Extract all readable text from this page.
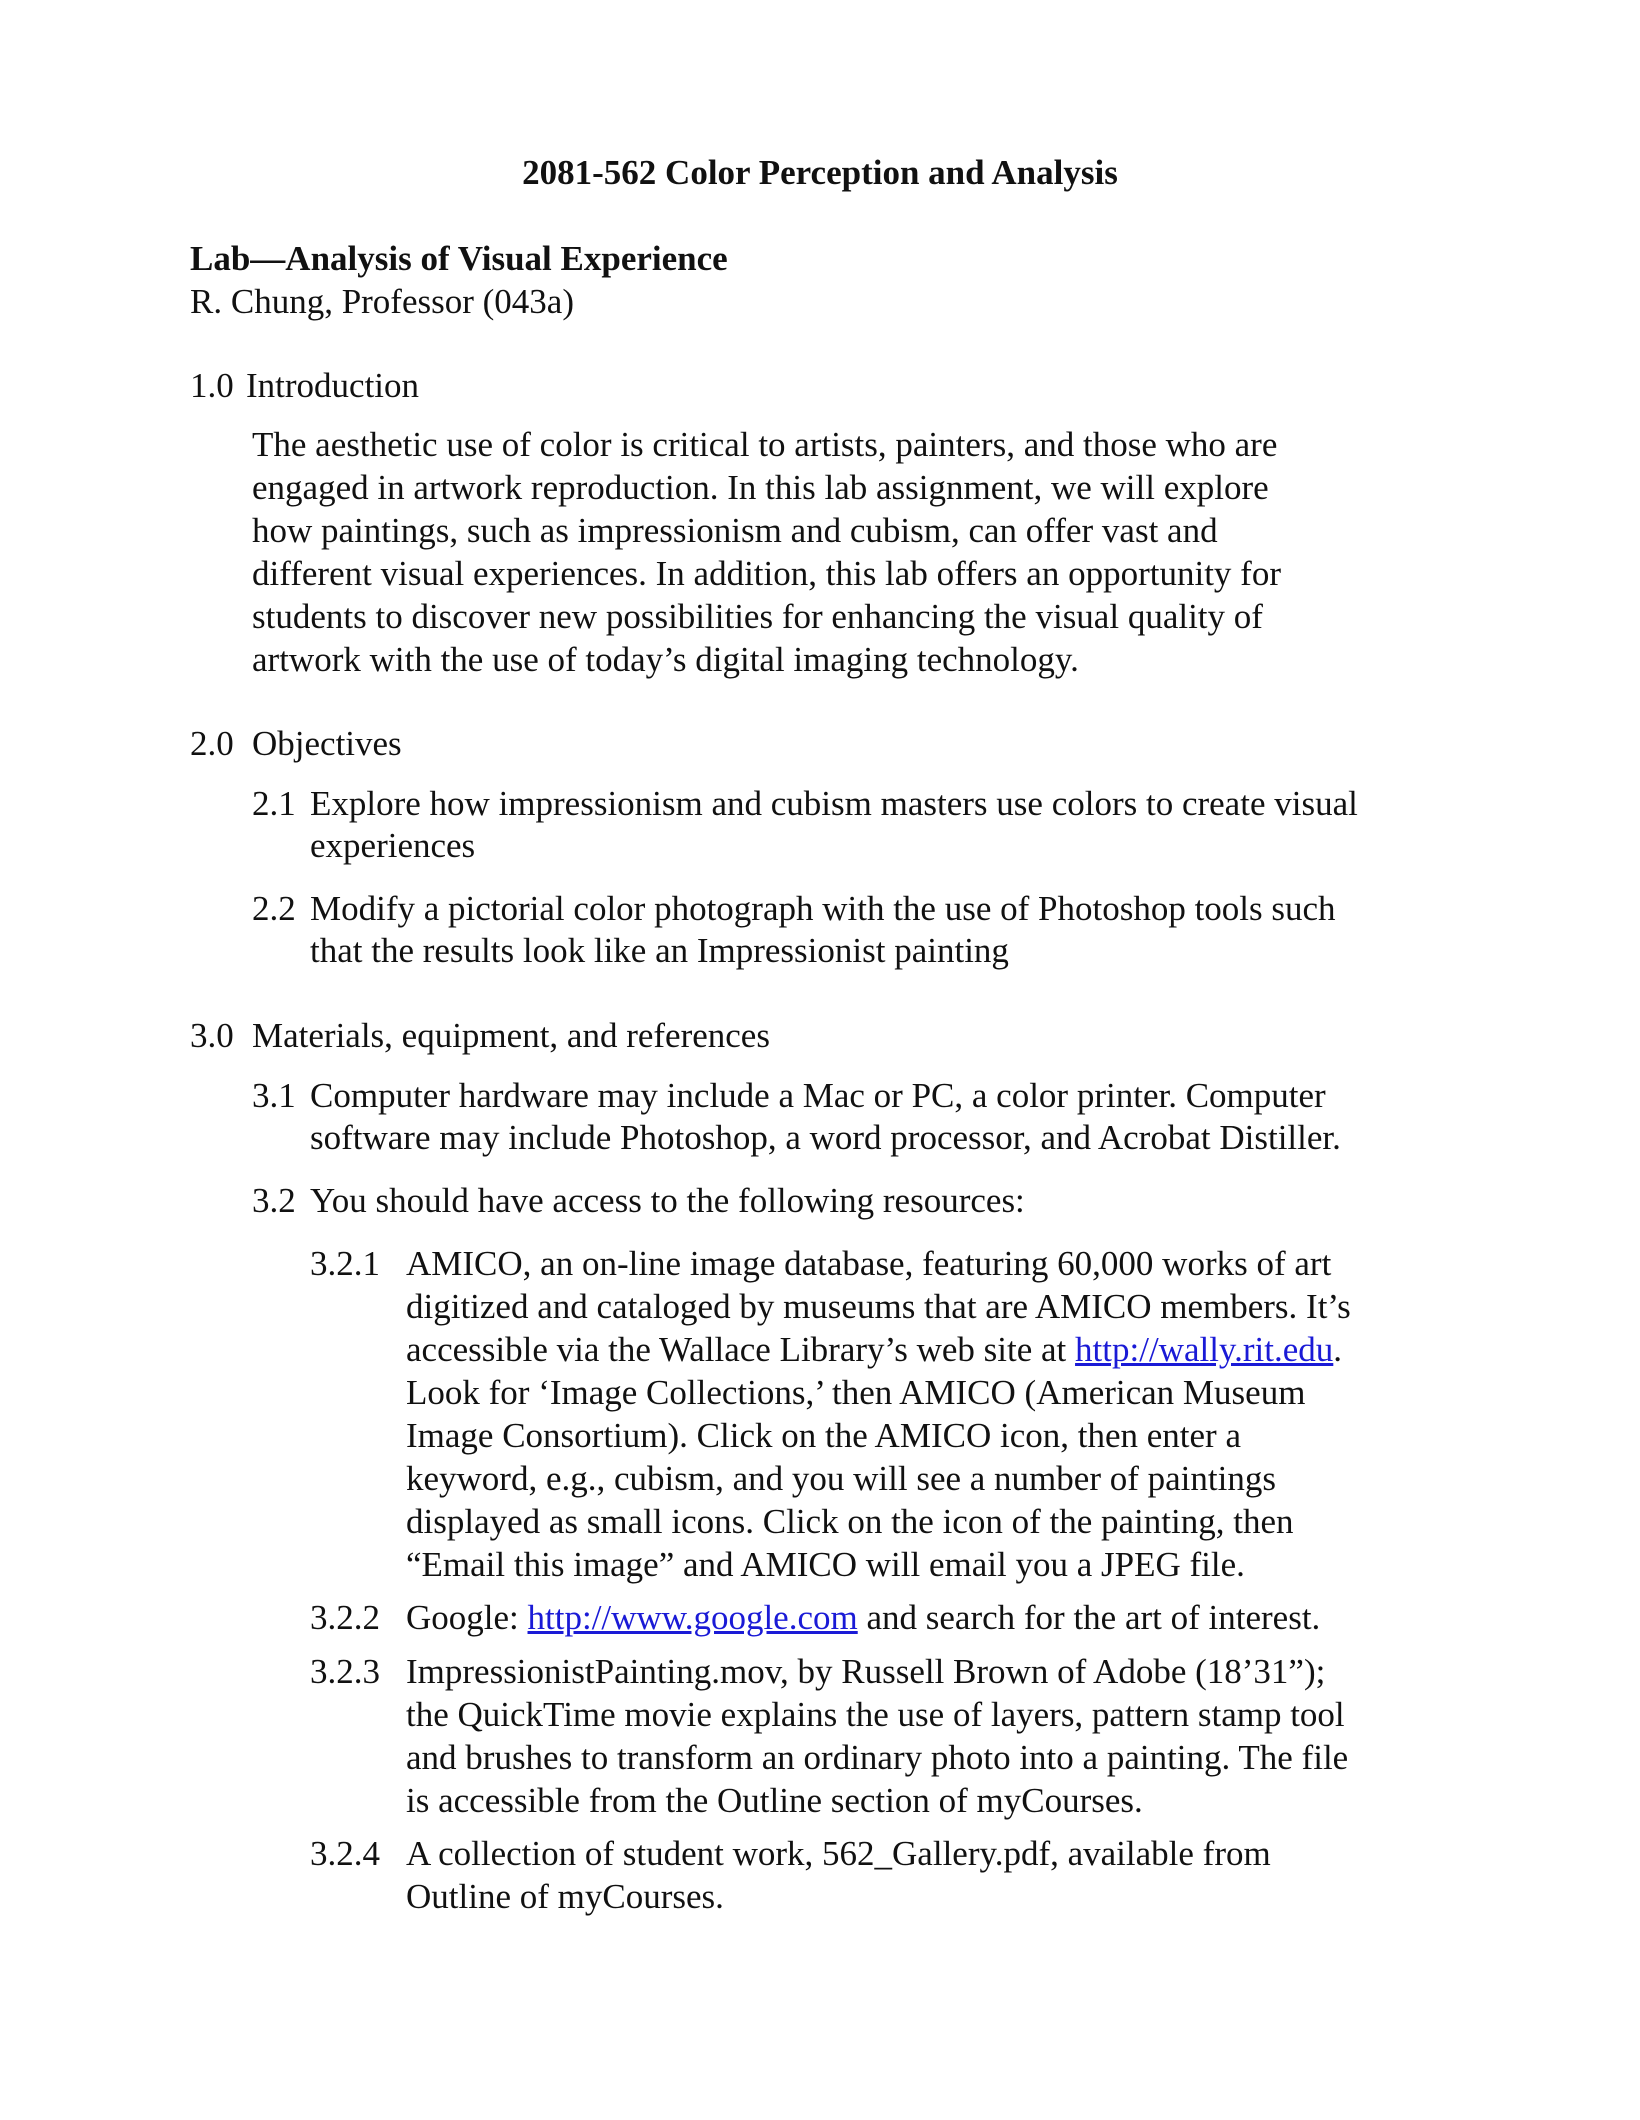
2081-562 Color Perception and Analysis
Lab—Analysis of Visual Experience
R. Chung, Professor (043a)
1.0 Introduction
The aesthetic use of color is critical to artists, painters, and those who are
engaged in artwork reproduction. In this lab assignment, we will explore
how paintings, such as impressionism and cubism, can offer vast and
different visual experiences. In addition, this lab offers an opportunity for
students to discover new possibilities for enhancing the visual quality of
artwork with the use of today’s digital imaging technology.
2.0 Objectives
2.1 Explore how impressionism and cubism masters use colors to create visual
experiences
2.2 Modify a pictorial color photograph with the use of Photoshop tools such
that the results look like an Impressionist painting
3.0 Materials, equipment, and references
3.1 Computer hardware may include a Mac or PC, a color printer. Computer
software may include Photoshop, a word processor, and Acrobat Distiller.
3.2 You should have access to the following resources:
3.2.1 AMICO, an on-line image database, featuring 60,000 works of art
digitized and cataloged by museums that are AMICO members. It’s
accessible via the Wallace Library’s web site at http://wally.rit.edu.
Look for ‘Image Collections,’ then AMICO (American Museum
Image Consortium). Click on the AMICO icon, then enter a
keyword, e.g., cubism, and you will see a number of paintings
displayed as small icons. Click on the icon of the painting, then
“Email this image” and AMICO will email you a JPEG file.
3.2.2 Google: http://www.google.com and search for the art of interest.
3.2.3 ImpressionistPainting.mov, by Russell Brown of Adobe (18’31”);
the QuickTime movie explains the use of layers, pattern stamp tool
and brushes to transform an ordinary photo into a painting. The file
is accessible from the Outline section of myCourses.
3.2.4 A collection of student work, 562_Gallery.pdf, available from
Outline of myCourses.
